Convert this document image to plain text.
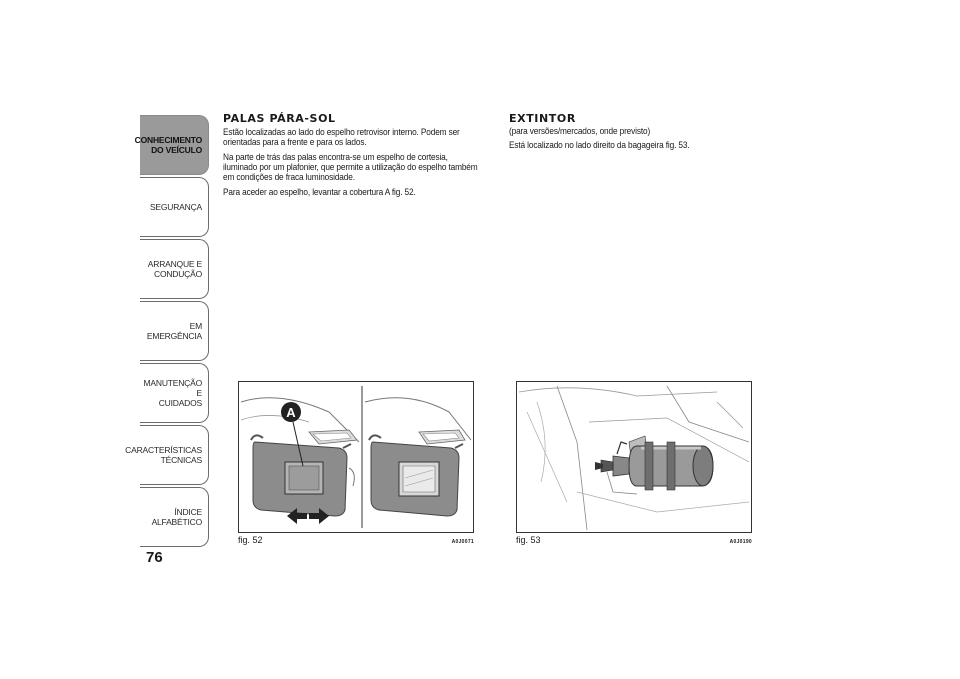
CONHECIMENTO
DO VEÍCULO
SEGURANÇA
ARRANQUE E
CONDUÇÃO
EM EMERGÊNCIA
MANUTENÇÃO E
CUIDADOS
CARACTERÍSTICAS
TÉCNICAS
ÍNDICE ALFABÉTICO
76
PALAS PÁRA-SOL

Estão localizadas ao lado do espelho retrovisor interno. Podem ser orientadas para a frente e para os lados.

Na parte de trás das palas encontra-se um espelho de cortesia, iluminado por um plafonier, que permite a utilização do espelho também em condições de fraca luminosidade.

Para aceder ao espelho, levantar a cobertura A fig. 52.

EXTINTOR

(para versões/mercados, onde previsto)

Está localizado no lado direito da bagageira fig. 53.

A
fig. 52	A0J0071	fig. 53	A0J0190
